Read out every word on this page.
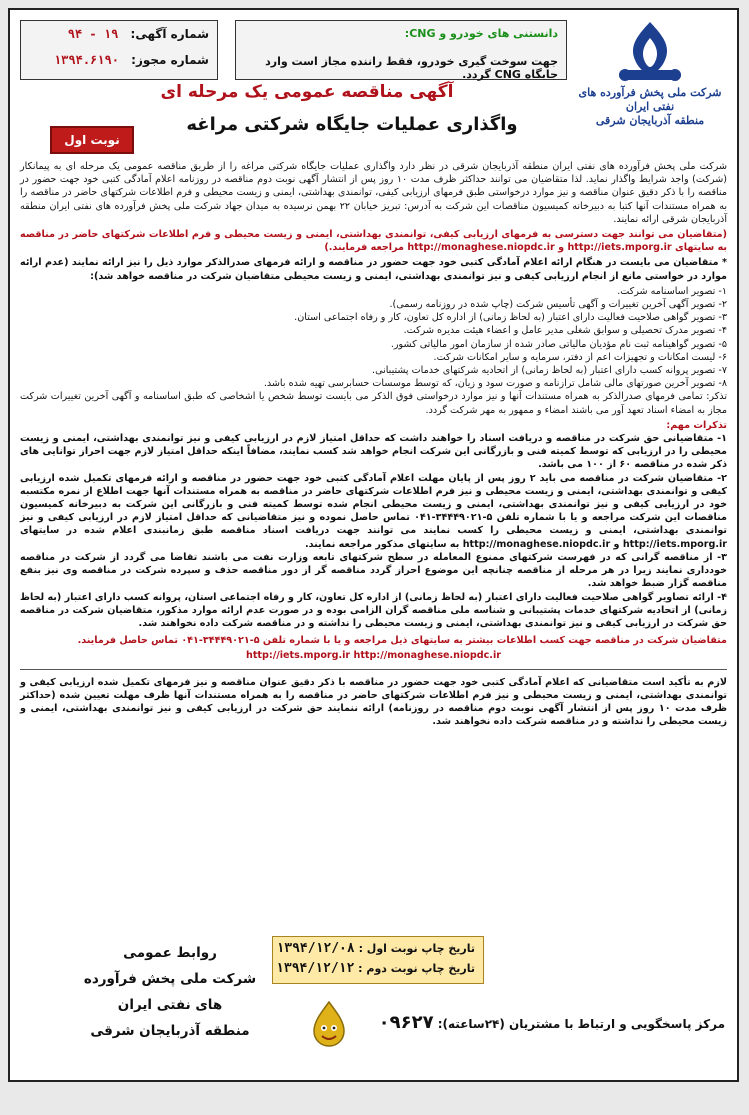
شرکت ملی پخش فرآورده های نفتی ایران
منطقه آذربایجان شرقی
دانستنی های خودرو و CNG:
جهت سوخت گیری خودرو، فقط راننده مجاز است وارد جایگاه CNG گردد.
شماره آگهی: ۱۹ - ۹۴
شماره مجوز: ۱۳۹۴.۶۱۹۰
آگهی مناقصه عمومی یک مرحله ای
واگذاری عملیات جایگاه شرکتی مراغه
نوبت اول

شرکت ملی پخش فرآورده های نفتی ایران منطقه آذربایجان شرقی در نظر دارد واگذاری عملیات جایگاه شرکتی مراغه را از طریق مناقصه عمومی یک مرحله ای به پیمانکار (شرکت) واجد شرایط واگذار نماید. لذا متقاضیان می توانند حداکثر ظرف مدت ۱۰ روز پس از انتشار آگهی نوبت دوم مناقصه در روزنامه اعلام آمادگی کتبی خود جهت حضور در مناقصه را با ذکر دقیق عنوان مناقصه و نیز موارد درخواستی طبق فرمهای ارزیابی کیفی، توانمندی بهداشتی، ایمنی و زیست محیطی و فرم اطلاعات شرکتهای حاضر در مناقصه را به همراه مستندات آنها کتبا به دبیرخانه کمیسیون مناقصات این شرکت به آدرس: تبریز خیابان ۲۲ بهمن نرسیده به میدان جهاد شرکت ملی پخش فرآورده های نفتی ایران منطقه آذربایجان شرقی ارائه نمایند.

(متقاضیان می توانند جهت دسترسی به فرمهای ارزیابی کیفی، توانمندی بهداشتی، ایمنی و زیست محیطی و فرم اطلاعات شرکتهای حاضر در مناقصه به سایتهای http://iets.mporg.ir و http://monaghese.niopdc.ir مراجعه فرمایند.)

* متقاضیان می بایست در هنگام ارائه اعلام آمادگی کتبی خود جهت حضور در مناقصه و ارائه فرمهای صدرالذکر موارد ذیل را نیز ارائه نمایند (عدم ارائه موارد در خواستی مانع از انجام ارزیابی کیفی و نیز توانمندی بهداشتی، ایمنی و زیست محیطی متقاضیان شرکت در مناقصه خواهد شد):

۱- تصویر اساسنامه شرکت.
۲- تصویر آگهی آخرین تغییرات و آگهی تأسیس شرکت (چاپ شده در روزنامه رسمی).
۳- تصویر گواهی صلاحیت فعالیت دارای اعتبار (به لحاظ زمانی) از اداره کل تعاون، کار و رفاه اجتماعی استان.
۴- تصویر مدرک تحصیلی و سوابق شغلی مدیر عامل و اعضاء هیئت مدیره شرکت.
۵- تصویر گواهینامه ثبت نام مؤدیان مالیاتی صادر شده از سازمان امور مالیاتی کشور.
۶- لیست امکانات و تجهیزات اعم از دفتر، سرمایه و سایر امکانات شرکت.
۷- تصویر پروانه کسب دارای اعتبار (به لحاظ زمانی) از اتحادیه شرکتهای خدمات پشتیبانی.
۸- تصویر آخرین صورتهای مالی شامل ترازنامه و صورت سود و زیان، که توسط موسسات حسابرسی تهیه شده باشد.

تذکر: تمامی فرمهای صدرالذکر به همراه مستندات آنها و نیز موارد درخواستی فوق الذکر می بایست توسط شخص یا اشخاصی که طبق اساسنامه و آگهی آخرین تغییرات شرکت مجاز به امضاء اسناد تعهد آور می باشند امضاء و ممهور به مهر شرکت گردد.

تذکرات مهم:
۱- متقاضیانی حق شرکت در مناقصه و دریافت اسناد را خواهند داشت که حداقل امتیاز لازم در ارزیابی کیفی و نیز توانمندی بهداشتی، ایمنی و زیست محیطی را در ارزیابی که توسط کمیته فنی و بازرگانی این شرکت انجام خواهد شد کسب نمایند، مضافاً اینکه حداقل امتیاز لازم جهت احراز توانایی های ذکر شده در مناقصه ۶۰ از ۱۰۰ می باشد.
۲- متقاضیان شرکت در مناقصه می باید ۲ روز پس از پایان مهلت اعلام آمادگی کتبی خود جهت حضور در مناقصه و ارائه فرمهای تکمیل شده ارزیابی کیفی و توانمندی بهداشتی، ایمنی و زیست محیطی و نیز فرم اطلاعات شرکتهای حاضر در مناقصه به همراه مستندات آنها جهت اطلاع از نمره مکتسبه خود در ارزیابی کیفی و نیز توانمندی بهداشتی، ایمنی و زیست محیطی انجام شده توسط کمیته فنی و بازرگانی این شرکت به دبیرخانه کمیسیون مناقصات این شرکت مراجعه و یا با شماره تلفن ۵-۳۴۴۴۹۰۲۱-۰۴۱ تماس حاصل نموده و نیز متقاضیانی که حداقل امتیاز لازم در ارزیابی کیفی و نیز توانمندی بهداشتی، ایمنی و زیست محیطی را کسب نمایند می توانند جهت دریافت اسناد مناقصه طبق زمانبندی اعلام شده در سایتهای http://iets.mporg.ir و http://monaghese.niopdc.ir به سایتهای مذکور مراجعه نمایند.
۳- از مناقصه گرانی که در فهرست شرکتهای ممنوع المعامله در سطح شرکتهای تابعه وزارت نفت می باشند تقاضا می گردد از شرکت در مناقصه خودداری نمایند زیرا در هر مرحله از مناقصه چنانچه این موضوع احراز گردد مناقصه گر از دور مناقصه حذف و سپرده شرکت در مناقصه وی نیز بنفع مناقصه گزار ضبط خواهد شد.
۴- ارائه تصاویر گواهی صلاحیت فعالیت دارای اعتبار (به لحاظ زمانی) از اداره کل تعاون، کار و رفاه اجتماعی استان، پروانه کسب دارای اعتبار (به لحاظ زمانی) از اتحادیه شرکتهای خدمات پشتیبانی و شناسه ملی مناقصه گران الزامی بوده و در صورت عدم ارائه موارد مذکور، متقاضیان شرکت در مناقصه حق شرکت در ارزیابی کیفی و نیز توانمندی بهداشتی، ایمنی و زیست محیطی را نداشته و در مناقصه شرکت داده نخواهند شد.

متقاضیان شرکت در مناقصه جهت کسب اطلاعات بیشتر به سایتهای ذیل مراجعه و یا با شماره تلفن ۵-۳۴۴۴۹۰۲۱-۰۴۱ تماس حاصل فرمایند.

http://iets.mporg.ir http://monaghese.niopdc.ir

لازم به تأکید است متقاضیانی که اعلام آمادگی کتبی خود جهت حضور در مناقصه با ذکر دقیق عنوان مناقصه و نیز فرمهای تکمیل شده ارزیابی کیفی و توانمندی بهداشتی، ایمنی و زیست محیطی و نیز فرم اطلاعات شرکتهای حاضر در مناقصه را به همراه مستندات آنها ظرف مهلت تعیین شده (حداکثر ظرف مدت ۱۰ روز پس از انتشار آگهی نوبت دوم مناقصه در روزنامه) ارائه ننمایند حق شرکت در ارزیابی کیفی و نیز توانمندی بهداشتی، ایمنی و زیست محیطی را نداشته و در مناقصه شرکت داده نخواهند شد.

تاریخ چاپ نوبت اول : ۱۳۹۴/۱۲/۰۸
تاریخ چاپ نوبت دوم : ۱۳۹۴/۱۲/۱۲
روابط عمومی
شرکت ملی پخش فرآورده های نفتی ایران
منطقه آذربایجان شرقی	مرکز پاسخگویی و ارتباط با مشتریان (۲۴ساعته): ۰۹۶۲۷
